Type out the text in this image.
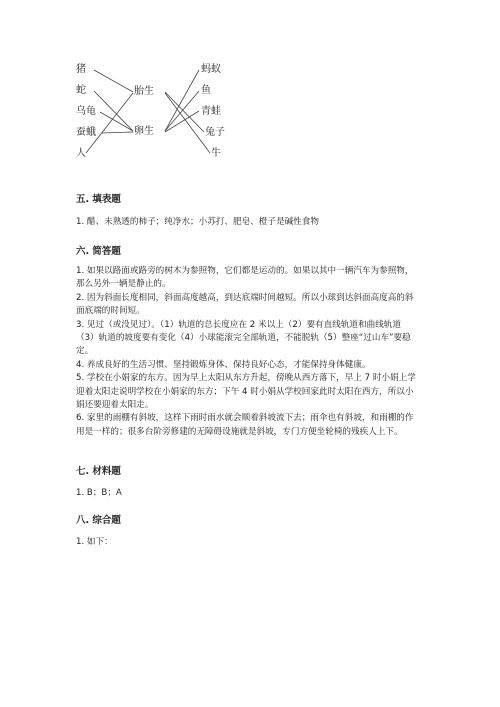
猪
蛇
乌龟
蚕蛾
人
胎生
卵生
蚂蚁
鱼
青蛙
兔子
牛
五. 填表题

1. 醋、未熟透的柿子；纯净水；小苏打、肥皂、橙子是碱性食物

六. 简答题

1. 如果以路面或路旁的树木为参照物，它们都是运动的。如果以其中一辆汽车为参照物，那么另外一辆是静止的。

2. 因为斜面长度相同，斜面高度越高，到达底端时间越短。所以小球到达斜面高度高的斜面底端的时间短。

3. 见过（或没见过）。（1）轨道的总长度应在 2 米以上（2）要有直线轨道和曲线轨道（3）轨道的坡度要有变化（4）小球能滚完全部轨道，不能脱轨（5）整座“过山车”要稳定。

4. 养成良好的生活习惯、坚持锻炼身体、保持良好心态，才能保持身体健康。

5. 学校在小娟家的东方。因为早上太阳从东方升起，傍晚从西方落下，早上 7 时小娟上学迎着太阳走说明学校在小娟家的东方；下午 4 时小娟从学校回家此时太阳在西方，所以小娟还要迎着太阳走。

6. 家里的雨棚有斜坡，这样下雨时雨水就会顺着斜坡流下去；雨伞也有斜坡，和雨棚的作用是一样的；很多台阶旁修建的无障碍设施就是斜坡，专门方便坐轮椅的残疾人上下。

七. 材料题

1. B；B；A

八. 综合题

1. 如下：
